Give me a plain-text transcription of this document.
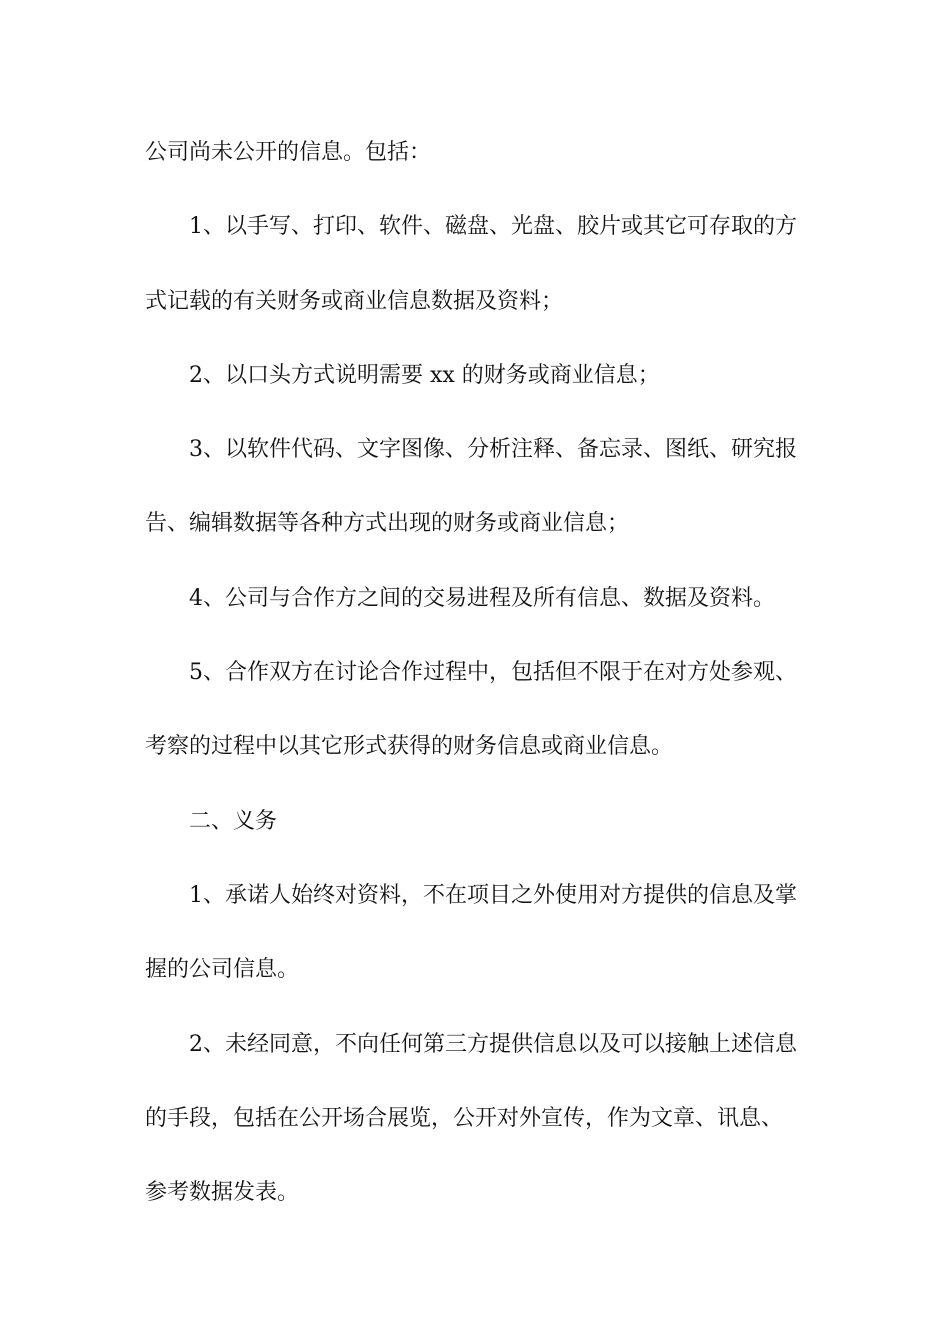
公司尚未公开的信息。包括：
1、以手写、打印、软件、磁盘、光盘、胶片或其它可存取的方
式记载的有关财务或商业信息数据及资料；
2、以口头方式说明需要 xx 的财务或商业信息；
3、以软件代码、文字图像、分析注释、备忘录、图纸、研究报
告、编辑数据等各种方式出现的财务或商业信息；
4、公司与合作方之间的交易进程及所有信息、数据及资料。
5、合作双方在讨论合作过程中，包括但不限于在对方处参观、
考察的过程中以其它形式获得的财务信息或商业信息。
二、义务
1、承诺人始终对资料，不在项目之外使用对方提供的信息及掌
握的公司信息。
2、未经同意，不向任何第三方提供信息以及可以接触上述信息
的手段，包括在公开场合展览，公开对外宣传，作为文章、讯息、
参考数据发表。
